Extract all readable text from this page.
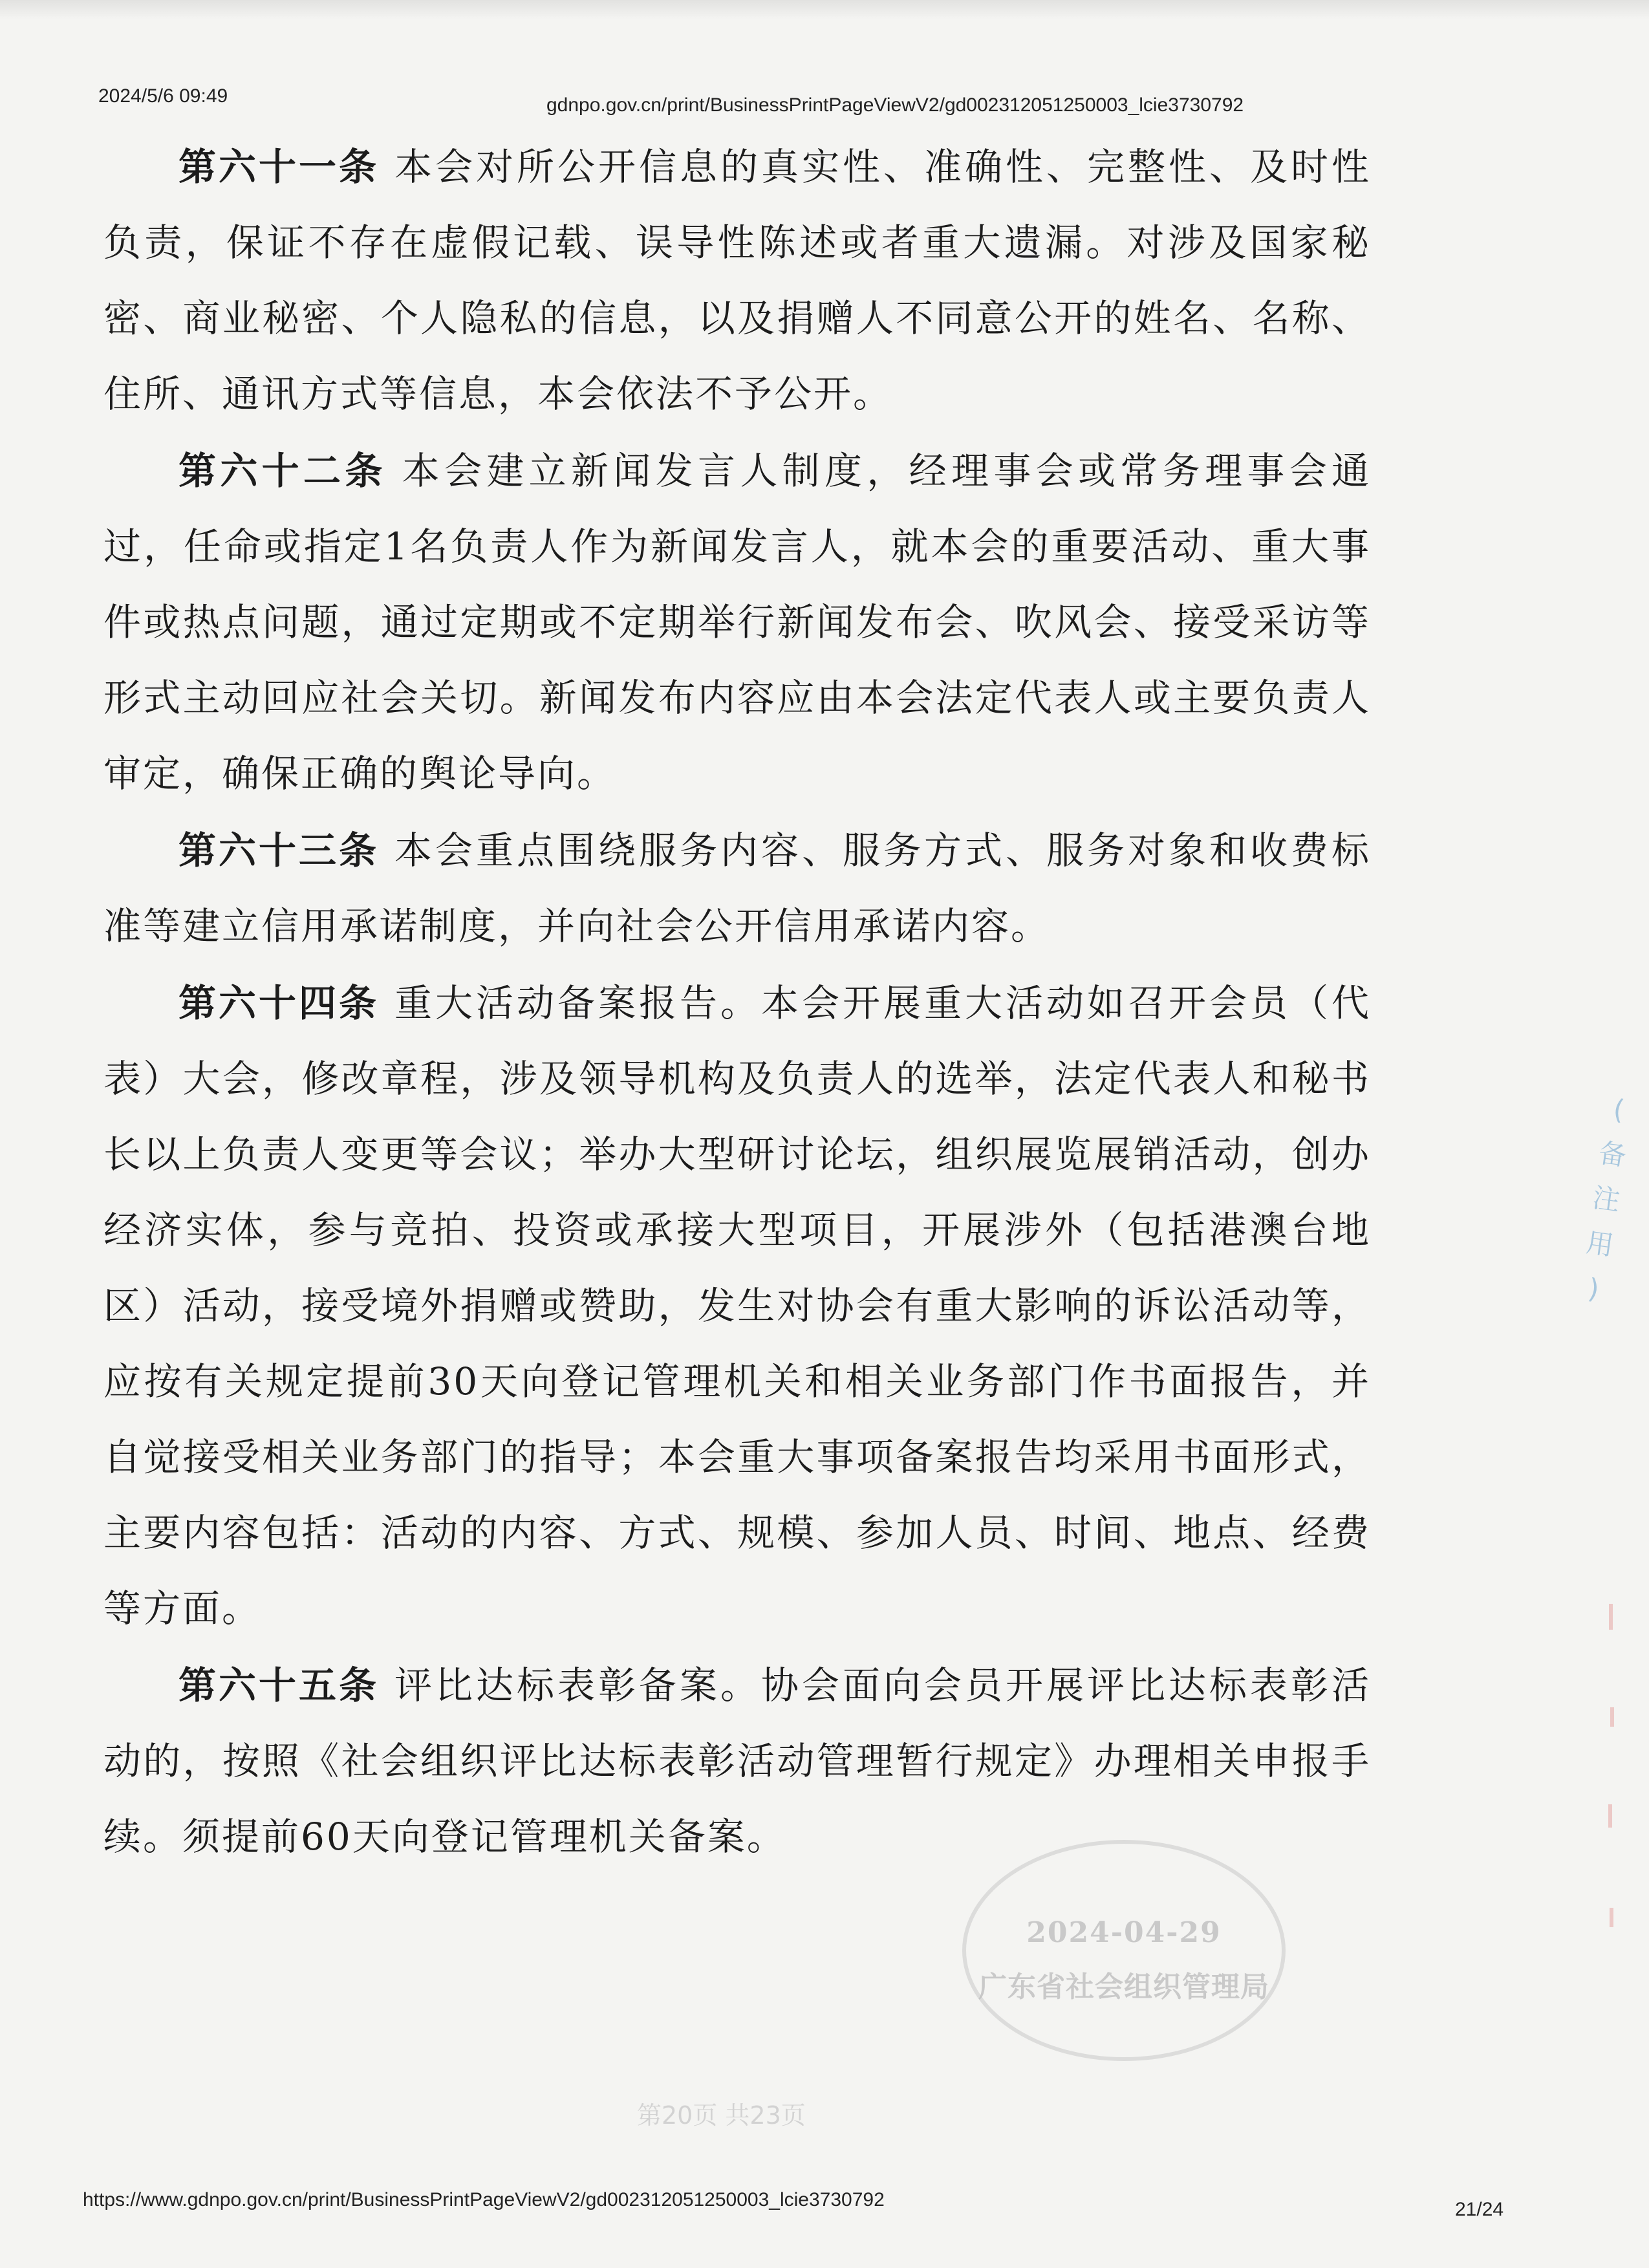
2024/5/6 09:49	gdnpo.gov.cn/print/BusinessPrintPageViewV2/gd002312051250003_lcie3730792

第六十一条 本会对所公开信息的真实性、准确性、完整性、及时性负责，保证不存在虚假记载、误导性陈述或者重大遗漏。对涉及国家秘密、商业秘密、个人隐私的信息，以及捐赠人不同意公开的姓名、名称、住所、通讯方式等信息，本会依法不予公开。

第六十二条 本会建立新闻发言人制度，经理事会或常务理事会通过，任命或指定1名负责人作为新闻发言人，就本会的重要活动、重大事件或热点问题，通过定期或不定期举行新闻发布会、吹风会、接受采访等形式主动回应社会关切。新闻发布内容应由本会法定代表人或主要负责人审定，确保正确的舆论导向。

第六十三条 本会重点围绕服务内容、服务方式、服务对象和收费标准等建立信用承诺制度，并向社会公开信用承诺内容。

第六十四条 重大活动备案报告。本会开展重大活动如召开会员（代表）大会，修改章程，涉及领导机构及负责人的选举，法定代表人和秘书长以上负责人变更等会议；举办大型研讨论坛，组织展览展销活动，创办经济实体，参与竞拍、投资或承接大型项目，开展涉外（包括港澳台地区）活动，接受境外捐赠或赞助，发生对协会有重大影响的诉讼活动等，应按有关规定提前30天向登记管理机关和相关业务部门作书面报告，并自觉接受相关业务部门的指导；本会重大事项备案报告均采用书面形式，主要内容包括：活动的内容、方式、规模、参加人员、时间、地点、经费等方面。

第六十五条 评比达标表彰备案。协会面向会员开展评比达标表彰活动的，按照《社会组织评比达标表彰活动管理暂行规定》办理相关申报手续。须提前60天向登记管理机关备案。

2024-04-29
广东省社会组织管理局
第20页 共23页
(
备
注
用
)
https://www.gdnpo.gov.cn/print/BusinessPrintPageViewV2/gd002312051250003_lcie3730792	21/24
